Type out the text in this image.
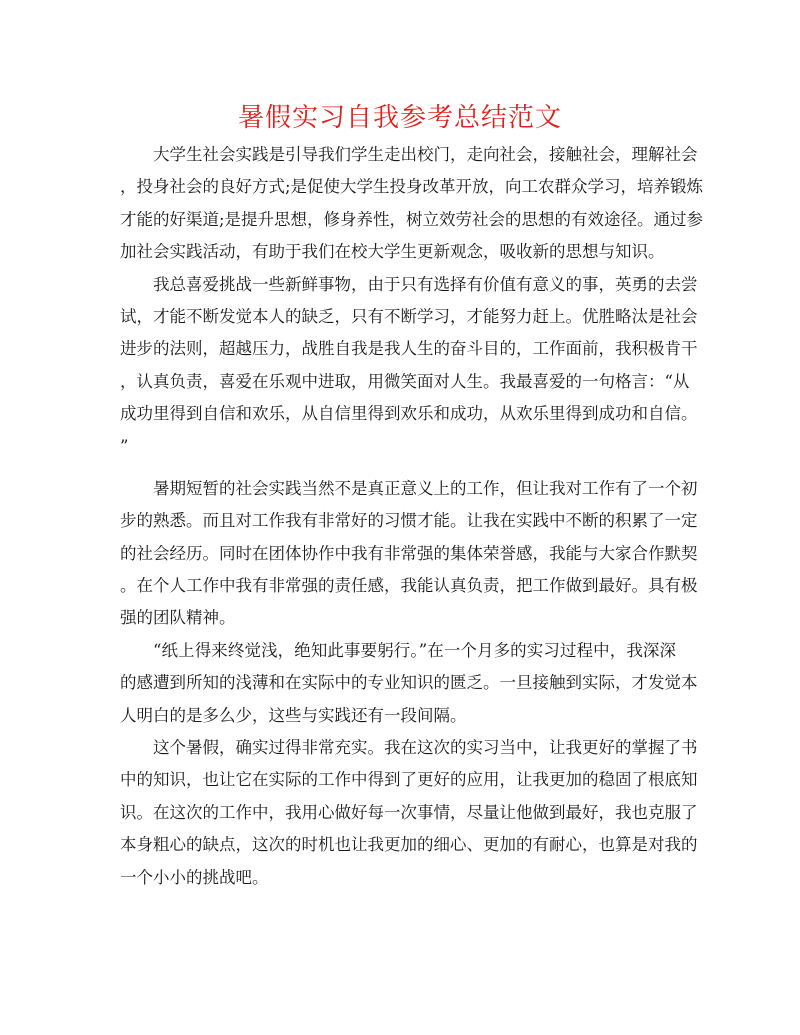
暑假实习自我参考总结范文
大学生社会实践是引导我们学生走出校门，走向社会，接触社会，理解社会
，投身社会的良好方式;是促使大学生投身改革开放，向工农群众学习，培养锻炼
才能的好渠道;是提升思想，修身养性，树立效劳社会的思想的有效途径。通过参
加社会实践活动，有助于我们在校大学生更新观念，吸收新的思想与知识。
我总喜爱挑战一些新鲜事物，由于只有选择有价值有意义的事，英勇的去尝
试，才能不断发觉本人的缺乏，只有不断学习，才能努力赶上。优胜略汰是社会
进步的法则，超越压力，战胜自我是我人生的奋斗目的，工作面前，我积极肯干
，认真负责，喜爱在乐观中进取，用微笑面对人生。我最喜爱的一句格言：“从
成功里得到自信和欢乐，从自信里得到欢乐和成功，从欢乐里得到成功和自信。
”
暑期短暂的社会实践当然不是真正意义上的工作，但让我对工作有了一个初
步的熟悉。而且对工作我有非常好的习惯才能。让我在实践中不断的积累了一定
的社会经历。同时在团体协作中我有非常强的集体荣誉感，我能与大家合作默契
。在个人工作中我有非常强的责任感，我能认真负责，把工作做到最好。具有极
强的团队精神。
“纸上得来终觉浅，绝知此事要躬行。”在一个月多的实习过程中，我深深
的感遭到所知的浅薄和在实际中的专业知识的匮乏。一旦接触到实际，才发觉本
人明白的是多么少，这些与实践还有一段间隔。
这个暑假，确实过得非常充实。我在这次的实习当中，让我更好的掌握了书
中的知识，也让它在实际的工作中得到了更好的应用，让我更加的稳固了根底知
识。在这次的工作中，我用心做好每一次事情，尽量让他做到最好，我也克服了
本身粗心的缺点，这次的时机也让我更加的细心、更加的有耐心，也算是对我的
一个小小的挑战吧。
